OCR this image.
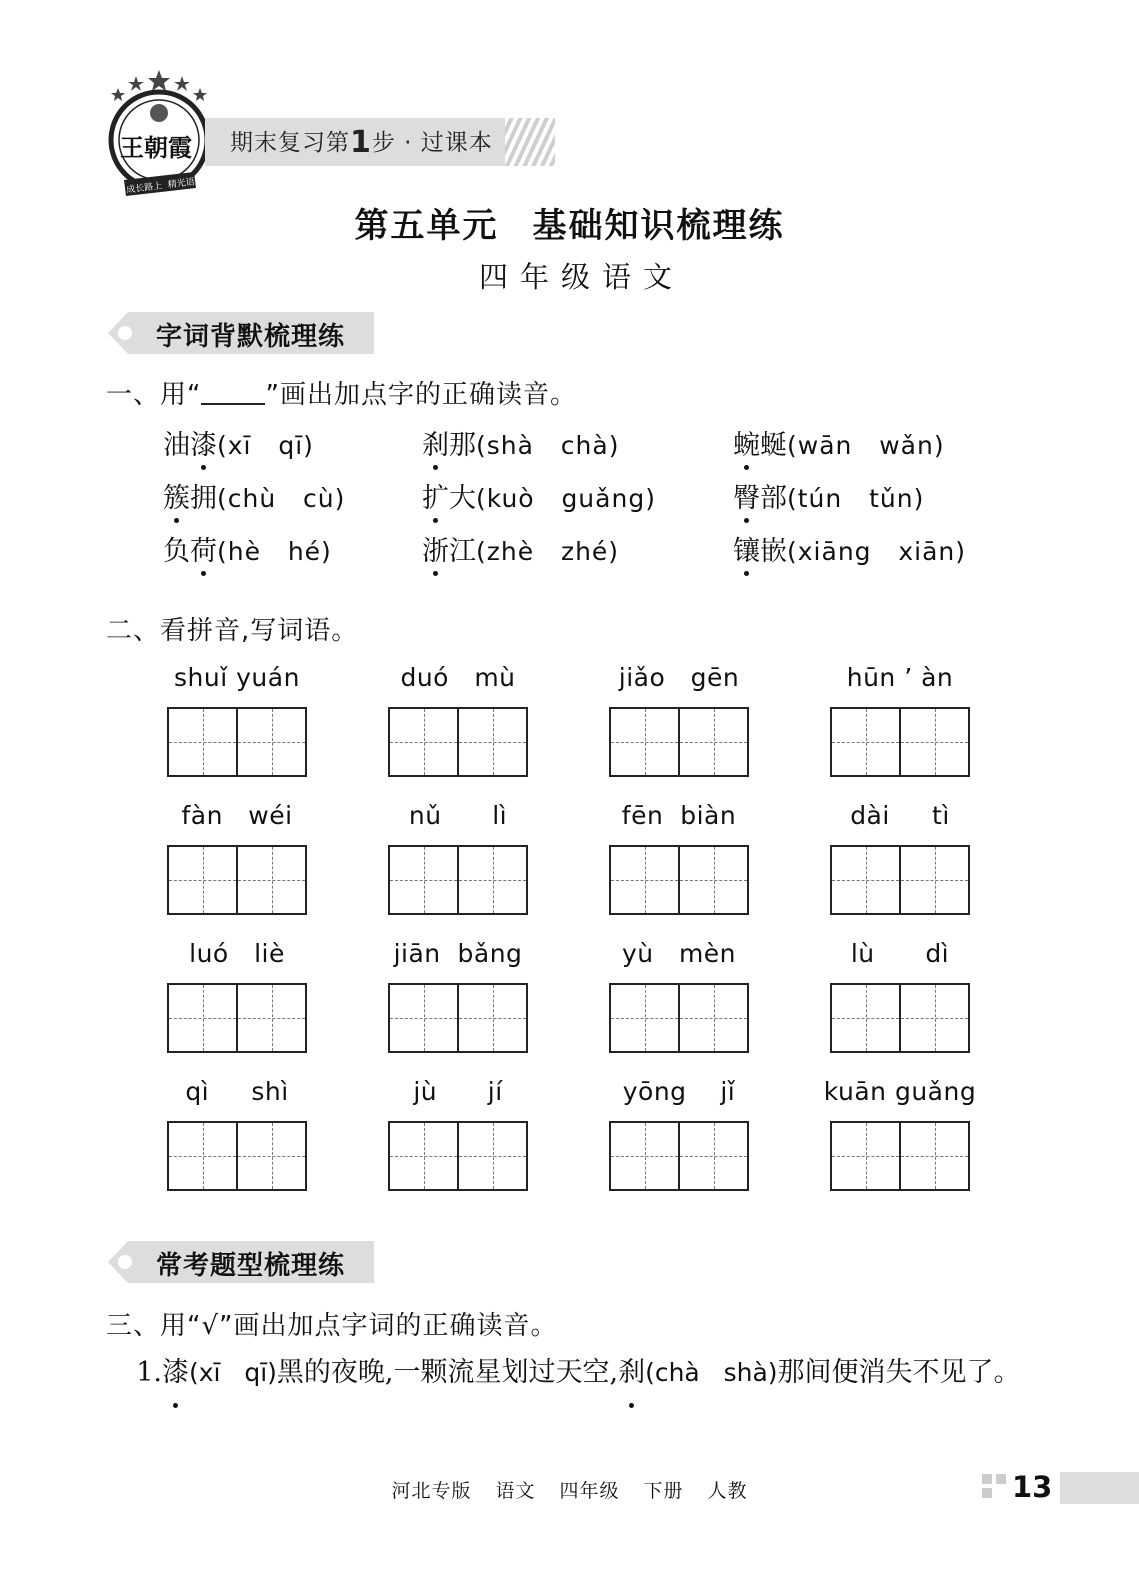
王朝霞
成长路上  精光语文
期末复习第1步 · 过课本
第五单元 基础知识梳理练
四年级语文
字词背默梳理练
一、用“ ”画出加点字的正确读音。
油漆(xī   qī)	刹那(shà   chà)	蜿蜒(wān   wǎn)
簇拥(chù   cù)	扩大(kuò   guǎng)	臀部(tún   tǔn)
负荷(hè   hé)	浙江(zhè   zhé)	镶嵌(xiāng   xiān)
二、看拼音,写词语。
shuǐ yuán	duó   mù	jiǎo   gēn	hūn ’ àn
fàn   wéi	nǔ      lì	fēn  biàn	dài     tì
luó   liè	jiān  bǎng	yù   mèn	lù      dì
qì     shì	jù      jí	yōng    jǐ	kuān guǎng
常考题型梳理练
三、用“√”画出加点字词的正确读音。
1.漆(xī   qī)黑的夜晚,一颗流星划过天空,刹(chà   shà)那间便消失不见了。
河北专版 语文 四年级 下册 人教	13
